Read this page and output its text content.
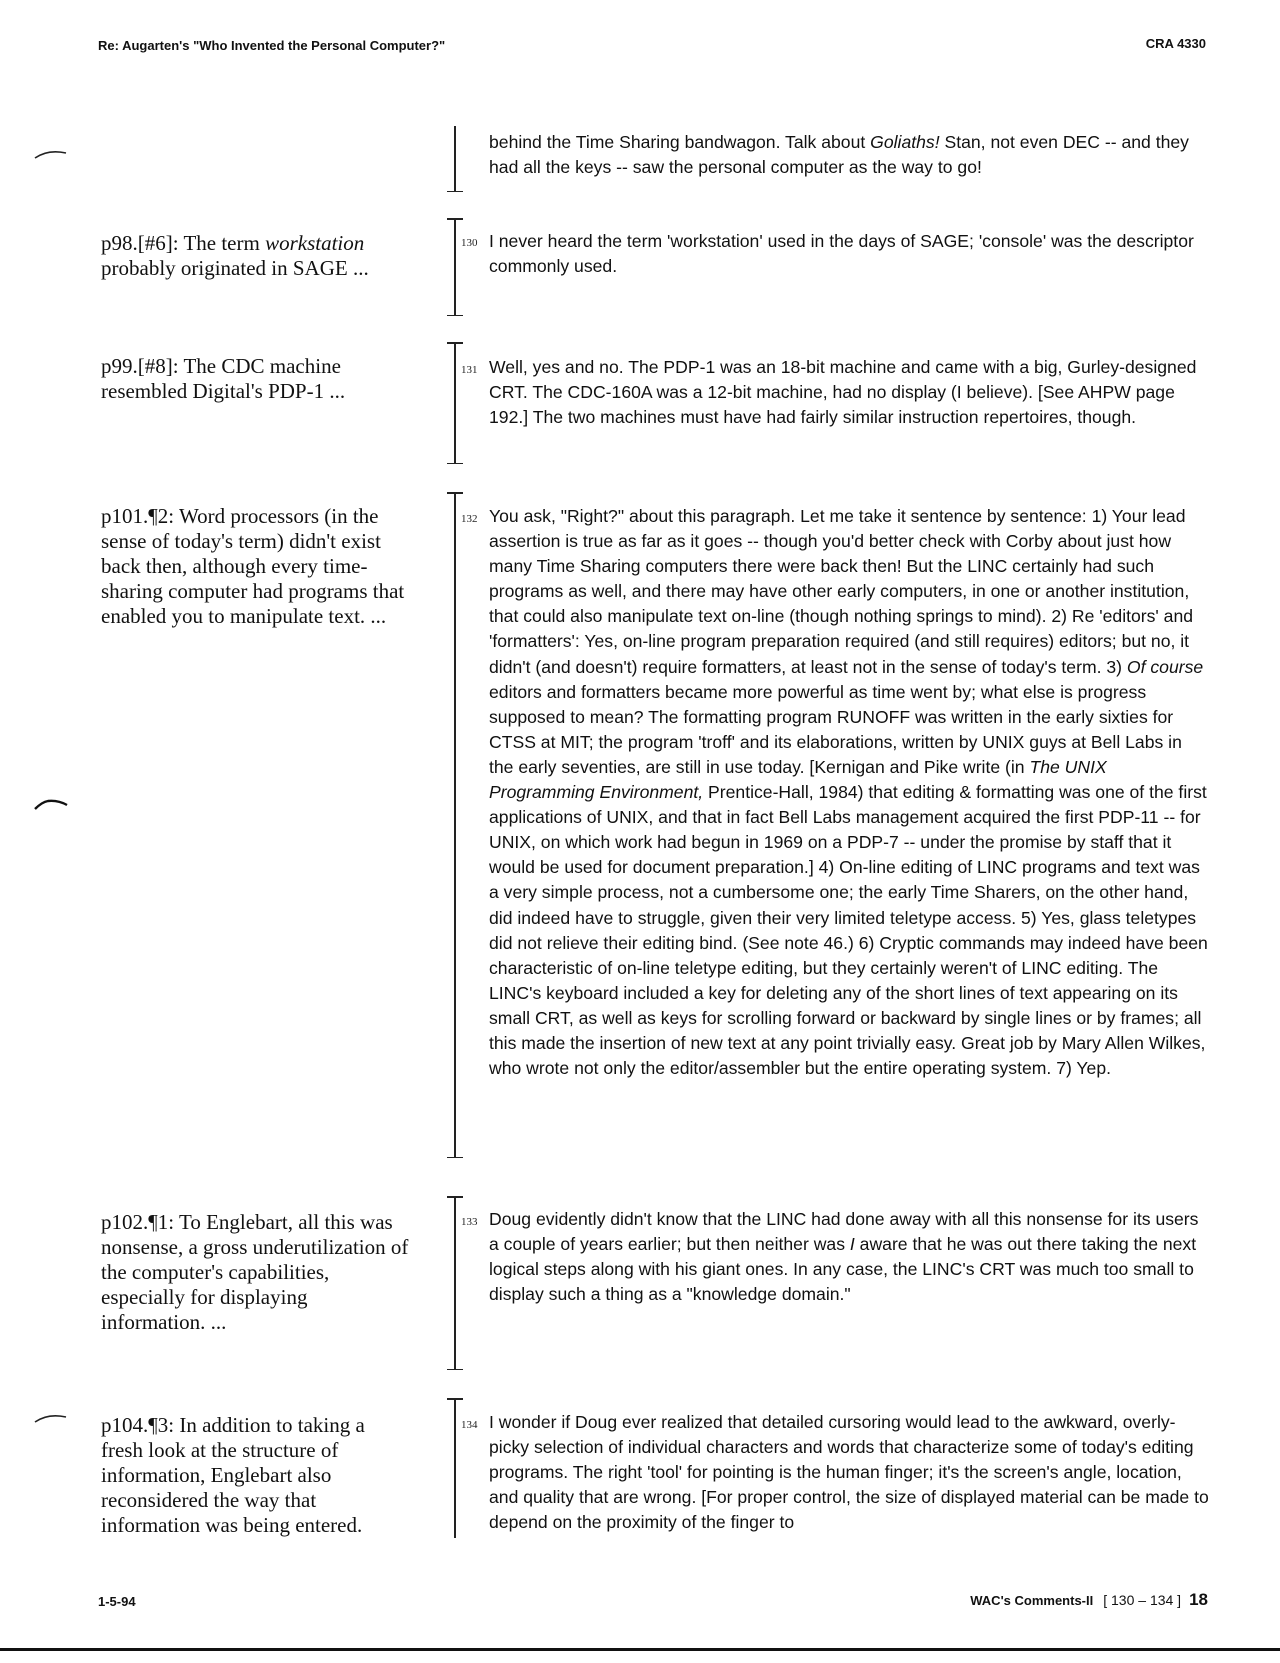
Re: Augarten's "Who Invented the Personal Computer?"	CRA 4330
behind the Time Sharing bandwagon. Talk about Goliaths! Stan, not even DEC -- and they had all the keys -- saw the personal computer as the way to go!
p98.[#6]: The term workstation probably originated in SAGE ...
130 I never heard the term 'workstation' used in the days of SAGE; 'console' was the descriptor commonly used.
p99.[#8]: The CDC machine resembled Digital's PDP-1 ...
131 Well, yes and no. The PDP-1 was an 18-bit machine and came with a big, Gurley-designed CRT. The CDC-160A was a 12-bit machine, had no display (I believe). [See AHPW page 192.] The two machines must have had fairly similar instruction repertoires, though.
p101.¶2: Word processors (in the sense of today's term) didn't exist back then, although every time-sharing computer had programs that enabled you to manipulate text. ...
132 You ask, "Right?" about this paragraph. Let me take it sentence by sentence: 1) Your lead assertion is true as far as it goes -- though you'd better check with Corby about just how many Time Sharing computers there were back then! But the LINC certainly had such programs as well, and there may have other early computers, in one or another institution, that could also manipulate text on-line (though nothing springs to mind). 2) Re 'editors' and 'formatters': Yes, on-line program preparation required (and still requires) editors; but no, it didn't (and doesn't) require formatters, at least not in the sense of today's term. 3) Of course editors and formatters became more powerful as time went by; what else is progress supposed to mean? The formatting program RUNOFF was written in the early sixties for CTSS at MIT; the program 'troff' and its elaborations, written by UNIX guys at Bell Labs in the early seventies, are still in use today. [Kernigan and Pike write (in The UNIX Programming Environment, Prentice-Hall, 1984) that editing & formatting was one of the first applications of UNIX, and that in fact Bell Labs management acquired the first PDP-11 -- for UNIX, on which work had begun in 1969 on a PDP-7 -- under the promise by staff that it would be used for document preparation.] 4) On-line editing of LINC programs and text was a very simple process, not a cumbersome one; the early Time Sharers, on the other hand, did indeed have to struggle, given their very limited teletype access. 5) Yes, glass teletypes did not relieve their editing bind. (See note 46.) 6) Cryptic commands may indeed have been characteristic of on-line teletype editing, but they certainly weren't of LINC editing. The LINC's keyboard included a key for deleting any of the short lines of text appearing on its small CRT, as well as keys for scrolling forward or backward by single lines or by frames; all this made the insertion of new text at any point trivially easy. Great job by Mary Allen Wilkes, who wrote not only the editor/assembler but the entire operating system. 7) Yep.
p102.¶1: To Englebart, all this was nonsense, a gross underutilization of the computer's capabilities, especially for displaying information. ...
133 Doug evidently didn't know that the LINC had done away with all this nonsense for its users a couple of years earlier; but then neither was I aware that he was out there taking the next logical steps along with his giant ones. In any case, the LINC's CRT was much too small to display such a thing as a "knowledge domain."
p104.¶3: In addition to taking a fresh look at the structure of information, Englebart also reconsidered the way that information was being entered.
134 I wonder if Doug ever realized that detailed cursoring would lead to the awkward, overly-picky selection of individual characters and words that characterize some of today's editing programs. The right 'tool' for pointing is the human finger; it's the screen's angle, location, and quality that are wrong. [For proper control, the size of displayed material can be made to depend on the proximity of the finger to
1-5-94	WAC's Comments-II [ 130 – 134 ] 18
